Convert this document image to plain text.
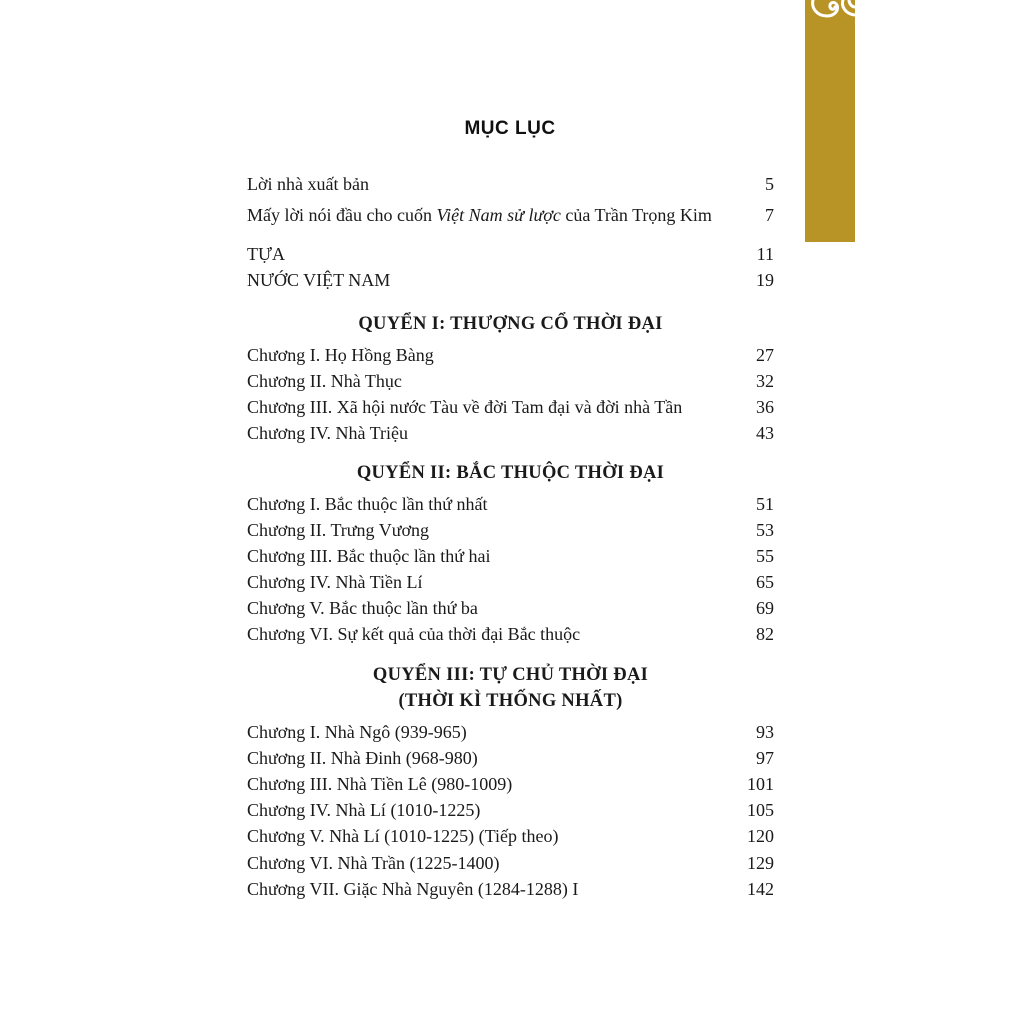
MỤC LỤC
Lời nhà xuất bản	5
Mấy lời nói đầu cho cuốn Việt Nam sử lược của Trần Trọng Kim	7
TỰA	11
NƯỚC VIỆT NAM	19
QUYỂN I: THƯỢNG CỔ THỜI ĐẠI
Chương I. Họ Hồng Bàng	27
Chương II. Nhà Thục	32
Chương III. Xã hội nước Tàu về đời Tam đại và đời nhà Tần	36
Chương IV. Nhà Triệu	43
QUYỂN II: BẮC THUỘC THỜI ĐẠI
Chương I. Bắc thuộc lần thứ nhất	51
Chương II. Trưng Vương	53
Chương III. Bắc thuộc lần thứ hai	55
Chương IV. Nhà Tiền Lí	65
Chương V. Bắc thuộc lần thứ ba	69
Chương VI. Sự kết quả của thời đại Bắc thuộc	82
QUYỂN III: TỰ CHỦ THỜI ĐẠI
(THỜI KÌ THỐNG NHẤT)
Chương I. Nhà Ngô (939-965)	93
Chương II. Nhà Đinh (968-980)	97
Chương III. Nhà Tiền Lê (980-1009)	101
Chương IV. Nhà Lí (1010-1225)	105
Chương V. Nhà Lí (1010-1225) (Tiếp theo)	120
Chương VI. Nhà Trần (1225-1400)	129
Chương VII. Giặc Nhà Nguyên (1284-1288) I	142
